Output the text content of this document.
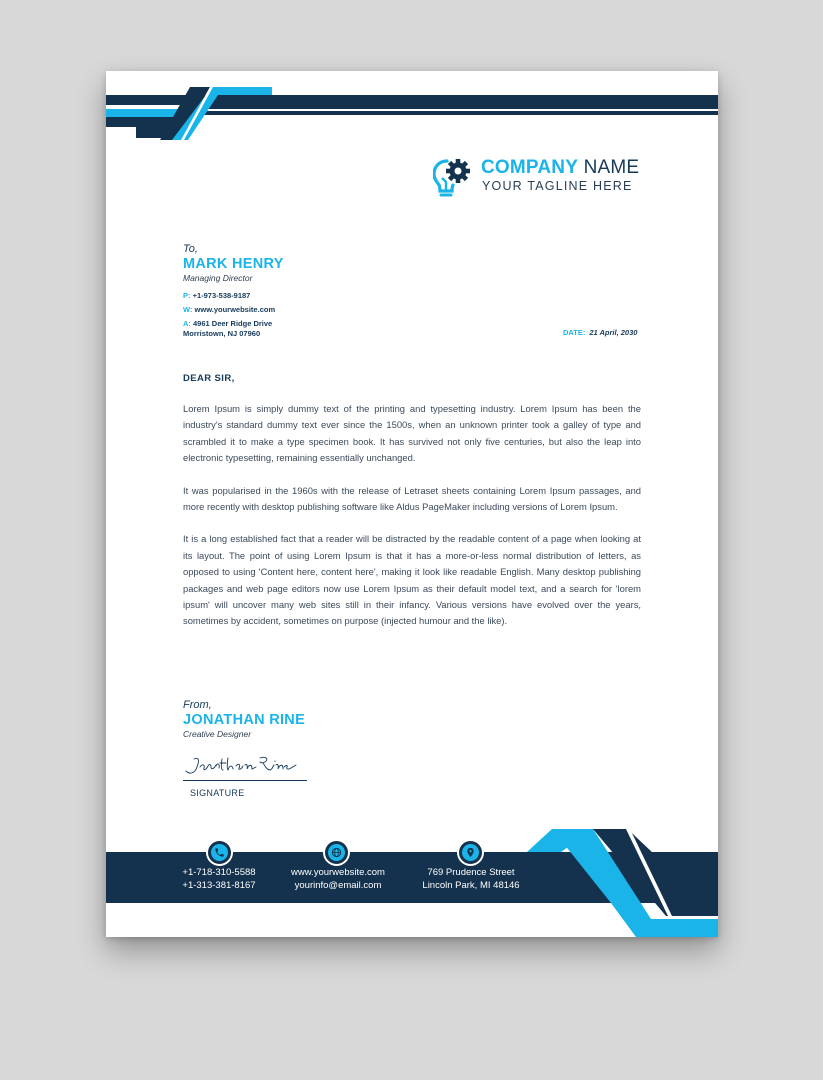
COMPANY NAME
YOUR TAGLINE HERE
To,
MARK HENRY
Managing Director
P: +1-973-538-9187
W: www.yourwebsite.com
A: 4961 Deer Ridge Drive
Morristown, NJ 07960	DATE: 21 April, 2030
DEAR SIR,

Lorem Ipsum is simply dummy text of the printing and typesetting industry. Lorem Ipsum has been the industry's standard dummy text ever since the 1500s, when an unknown printer took a galley of type and scrambled it to make a type specimen book. It has survived not only five centuries, but also the leap into electronic typesetting, remaining essentially unchanged.

It was popularised in the 1960s with the release of Letraset sheets containing Lorem Ipsum passages, and more recently with desktop publishing software like Aldus PageMaker including versions of Lorem Ipsum.

It is a long established fact that a reader will be distracted by the readable content of a page when looking at its layout. The point of using Lorem Ipsum is that it has a more-or-less normal distribution of letters, as opposed to using 'Content here, content here', making it look like readable English. Many desktop publishing packages and web page editors now use Lorem Ipsum as their default model text, and a search for 'lorem ipsum' will uncover many web sites still in their infancy. Various versions have evolved over the years, sometimes by accident, sometimes on purpose (injected humour and the like).

From,
JONATHAN RINE
Creative Designer
SIGNATURE
+1-718-310-5588
+1-313-381-8167
www.yourwebsite.com
yourinfo@email.com
769 Prudence Street
Lincoln Park, MI 48146
